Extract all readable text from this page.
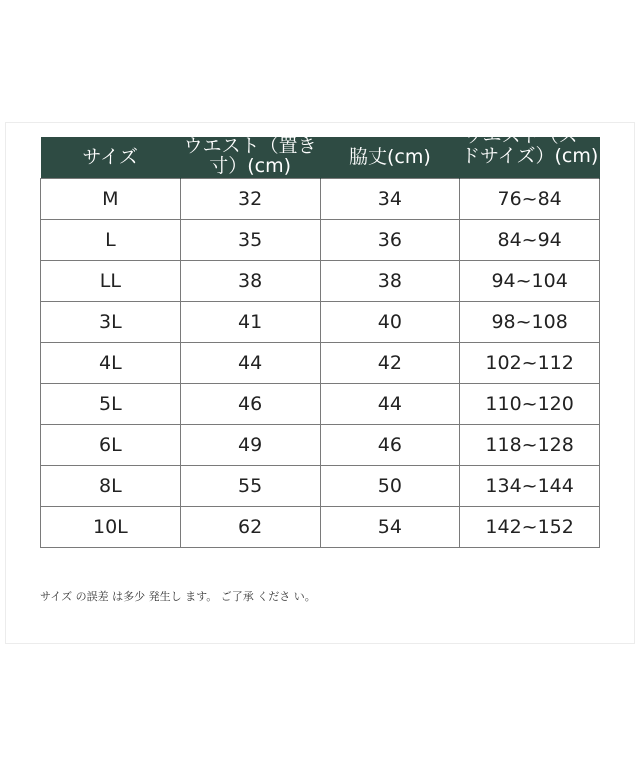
サイズ	ウエスト（置き寸）(cm)	脇丈(cm)	ウエスト（スードサイズ）(cm)

M	32	34	76~84
L	35	36	84~94
LL	38	38	94~104
3L	41	40	98~108
4L	44	42	102~112
5L	46	44	110~120
6L	49	46	118~128
8L	55	50	134~144
10L	62	54	142~152
サイズ の誤差 は多少 発生し ます。 ご了承 くださ い。
